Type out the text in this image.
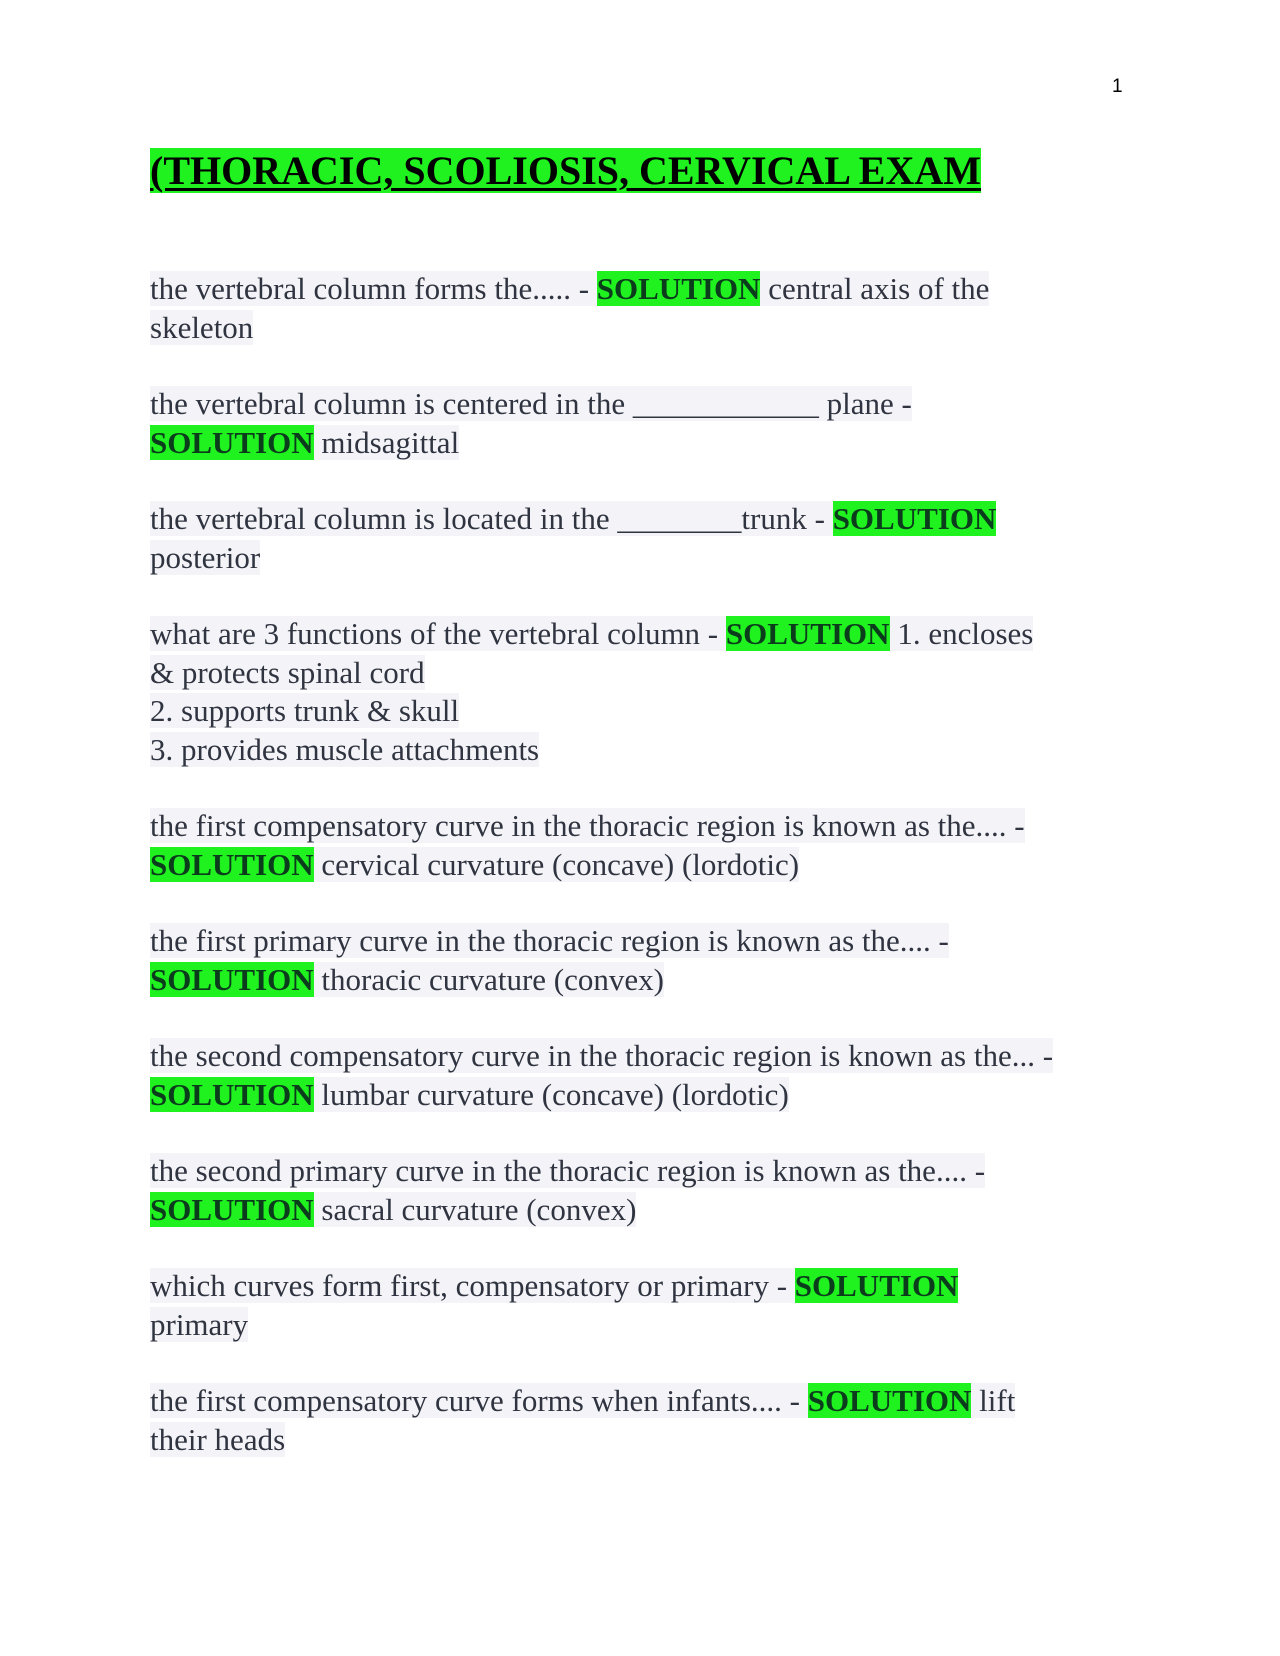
1
(THORACIC, SCOLIOSIS, CERVICAL EXAM
the vertebral column forms the..... - SOLUTION central axis of the
skeleton
the vertebral column is centered in the ____________ plane -
SOLUTION midsagittal
the vertebral column is located in the ________trunk - SOLUTION
posterior
what are 3 functions of the vertebral column - SOLUTION 1. encloses
& protects spinal cord
2. supports trunk & skull
3. provides muscle attachments
the first compensatory curve in the thoracic region is known as the.... -
SOLUTION cervical curvature (concave) (lordotic)
the first primary curve in the thoracic region is known as the.... -
SOLUTION thoracic curvature (convex)
the second compensatory curve in the thoracic region is known as the... -
SOLUTION lumbar curvature (concave) (lordotic)
the second primary curve in the thoracic region is known as the.... -
SOLUTION sacral curvature (convex)
which curves form first, compensatory or primary - SOLUTION
primary
the first compensatory curve forms when infants.... - SOLUTION lift
their heads
